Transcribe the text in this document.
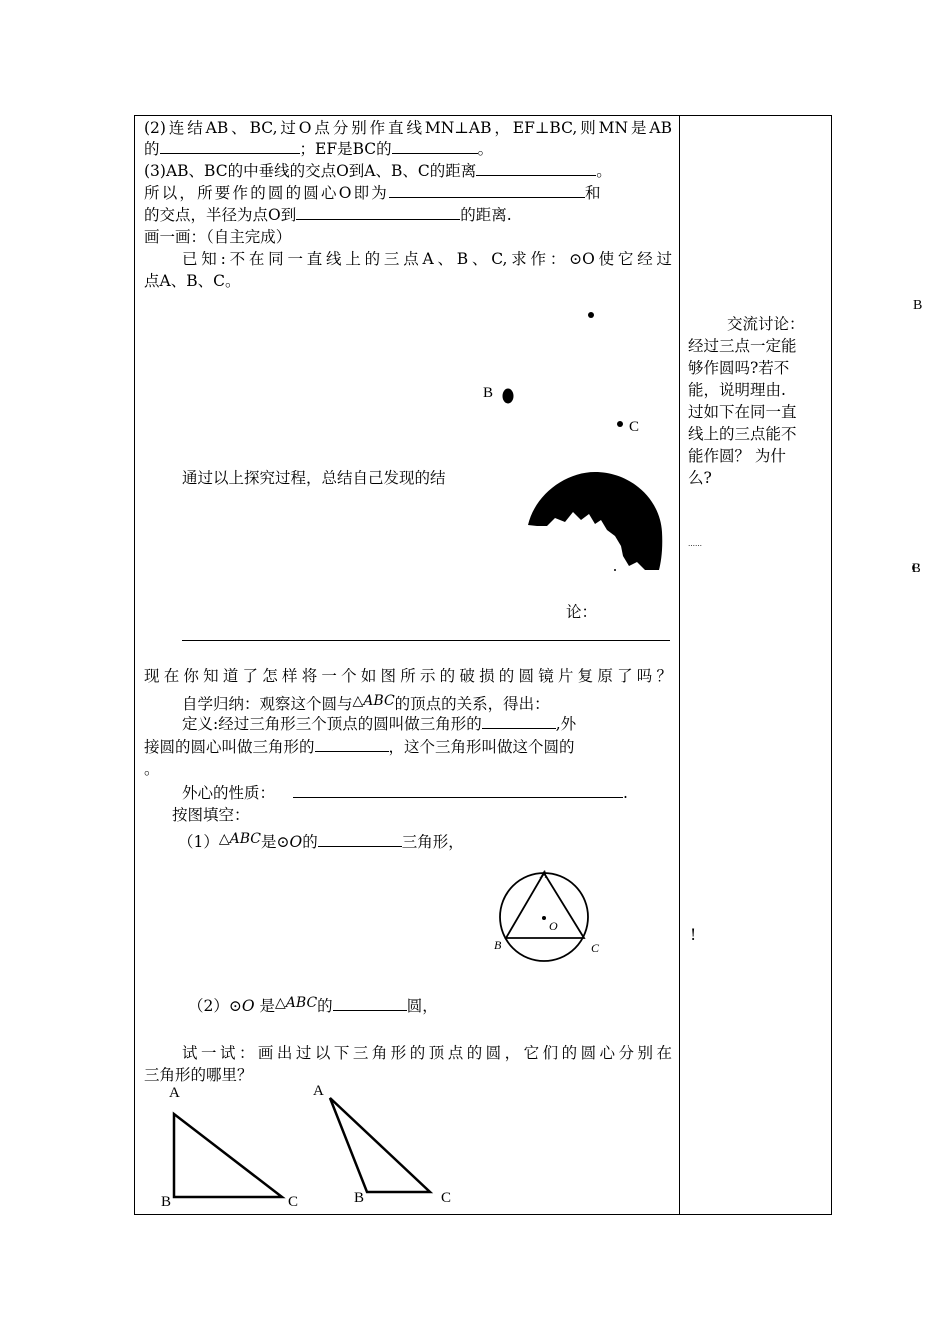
(2)连结AB、BC,过O点分别作直线MN⊥AB，EF⊥BC,则MN是AB
的	；EF是BC的	。
(3)AB、BC的中垂线的交点O到A、B、C的距离	。
所以，所要作的圆的圆心O即为	和
的交点，半径为点O到	的距离.
画一画：（自主完成）
已知:不在同一直线上的三点A、B、C,求作：⊙O使它经过
点A、B、C。
B
C
通过以上探究过程，总结自己发现的结
论：
现在你知道了怎样将一个如图所示的破损的圆镜片复原了吗？
自学归纳：观察这个圆与△ABC的顶点的关系，得出：
定义:经过三角形三个顶点的圆叫做三角形的	,外
接圆的圆心叫做三角形的	，这个三角形叫做这个圆的
。
外心的性质：	.
按图填空：
（1）△ABC是⊙O的	三角形，
A
B	C
O
（2）⊙O 是△ABC的	圆，
试一试：画出过以下三角形的顶点的圆，它们的圆心分别在
三角形的哪里？
A
B	C
A
B	C
交流讨论：
经过三点一定能
够作圆吗?若不
能，说明理由.
过如下在同一直
线上的三点能不
能作圆？ 为什
么?
……
!
B
